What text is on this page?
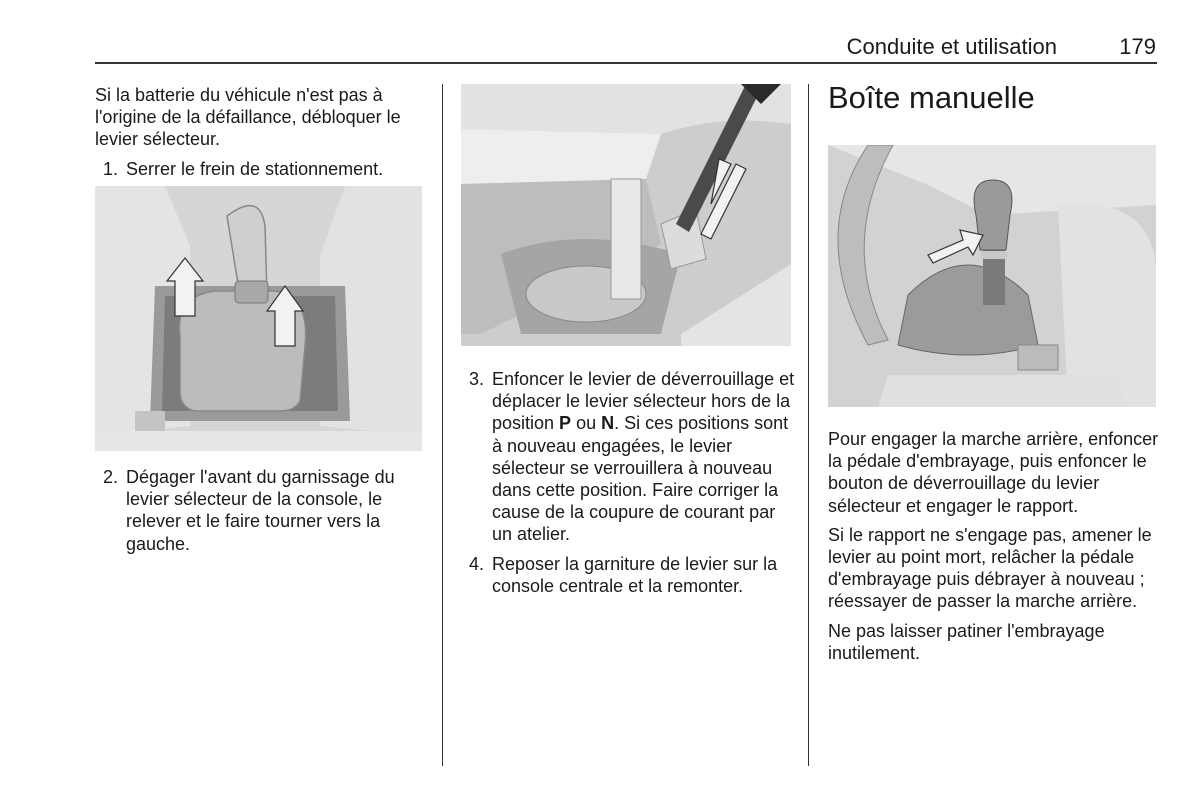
Conduite et utilisation	179

Si la batterie du véhicule n'est pas à l'origine de la défaillance, débloquer le levier sélecteur.

1. Serrer le frein de stationnement.
2. Dégager l'avant du garnissage du levier sélecteur de la console, le relever et le faire tourner vers la gauche.
3. Enfoncer le levier de déverrouillage et déplacer le levier sélecteur hors de la position P ou N. Si ces positions sont à nouveau engagées, le levier sélecteur se verrouillera à nouveau dans cette position. Faire corriger la cause de la coupure de courant par un atelier.
4. Reposer la garniture de levier sur la console centrale et la remonter.
Boîte manuelle

Pour engager la marche arrière, enfoncer la pédale d'embrayage, puis enfoncer le bouton de déverrouillage du levier sélecteur et engager le rapport.

Si le rapport ne s'engage pas, amener le levier au point mort, relâcher la pédale d'embrayage puis débrayer à nouveau ; réessayer de passer la marche arrière.

Ne pas laisser patiner l'embrayage inutilement.
